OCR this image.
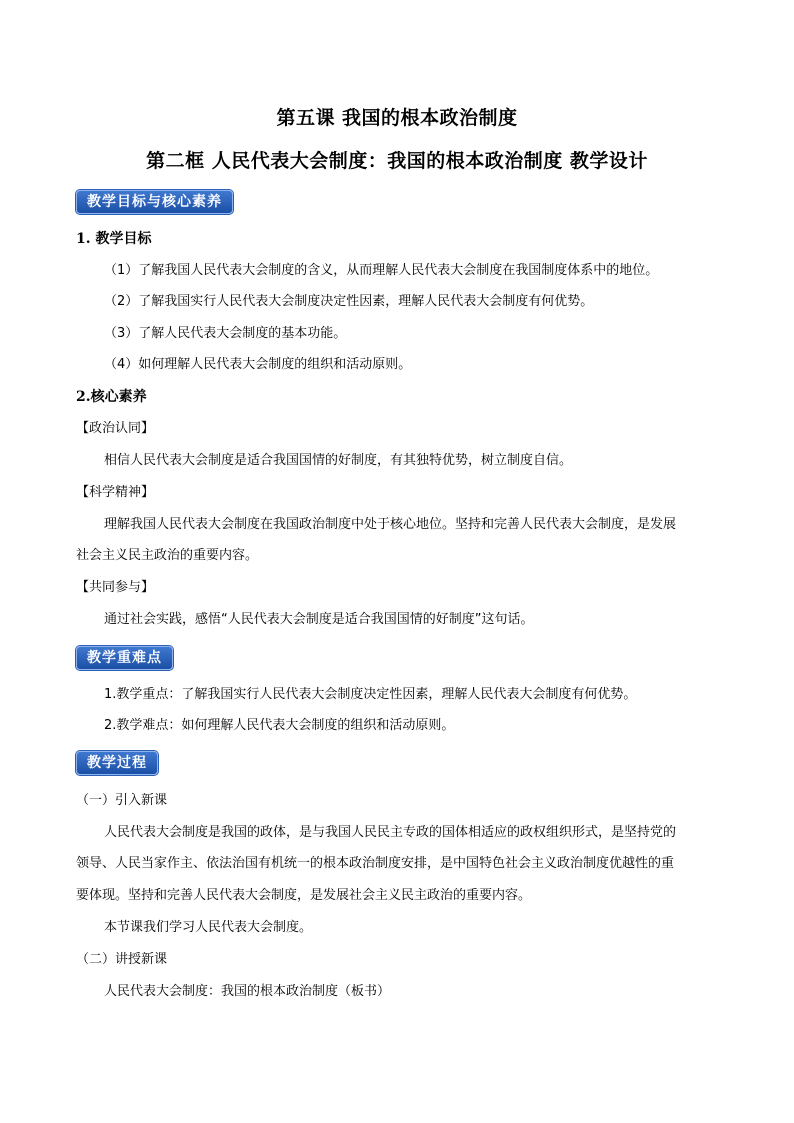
第五课 我国的根本政治制度
第二框 人民代表大会制度：我国的根本政治制度 教学设计
教学目标与核心素养
1. 教学目标
（1）了解我国人民代表大会制度的含义，从而理解人民代表大会制度在我国制度体系中的地位。
（2）了解我国实行人民代表大会制度决定性因素，理解人民代表大会制度有何优势。
（3）了解人民代表大会制度的基本功能。
（4）如何理解人民代表大会制度的组织和活动原则。
2.核心素养
【政治认同】
相信人民代表大会制度是适合我国国情的好制度，有其独特优势，树立制度自信。
【科学精神】
理解我国人民代表大会制度在我国政治制度中处于核心地位。坚持和完善人民代表大会制度，是发展
社会主义民主政治的重要内容。
【共同参与】
通过社会实践，感悟“人民代表大会制度是适合我国国情的好制度”这句话。
教学重难点
1.教学重点：了解我国实行人民代表大会制度决定性因素，理解人民代表大会制度有何优势。
2.教学难点：如何理解人民代表大会制度的组织和活动原则。
教学过程
（一）引入新课
人民代表大会制度是我国的政体，是与我国人民民主专政的国体相适应的政权组织形式，是坚持党的
领导、人民当家作主、依法治国有机统一的根本政治制度安排，是中国特色社会主义政治制度优越性的重
要体现。坚持和完善人民代表大会制度，是发展社会主义民主政治的重要内容。
本节课我们学习人民代表大会制度。
（二）讲授新课
人民代表大会制度：我国的根本政治制度（板书）
